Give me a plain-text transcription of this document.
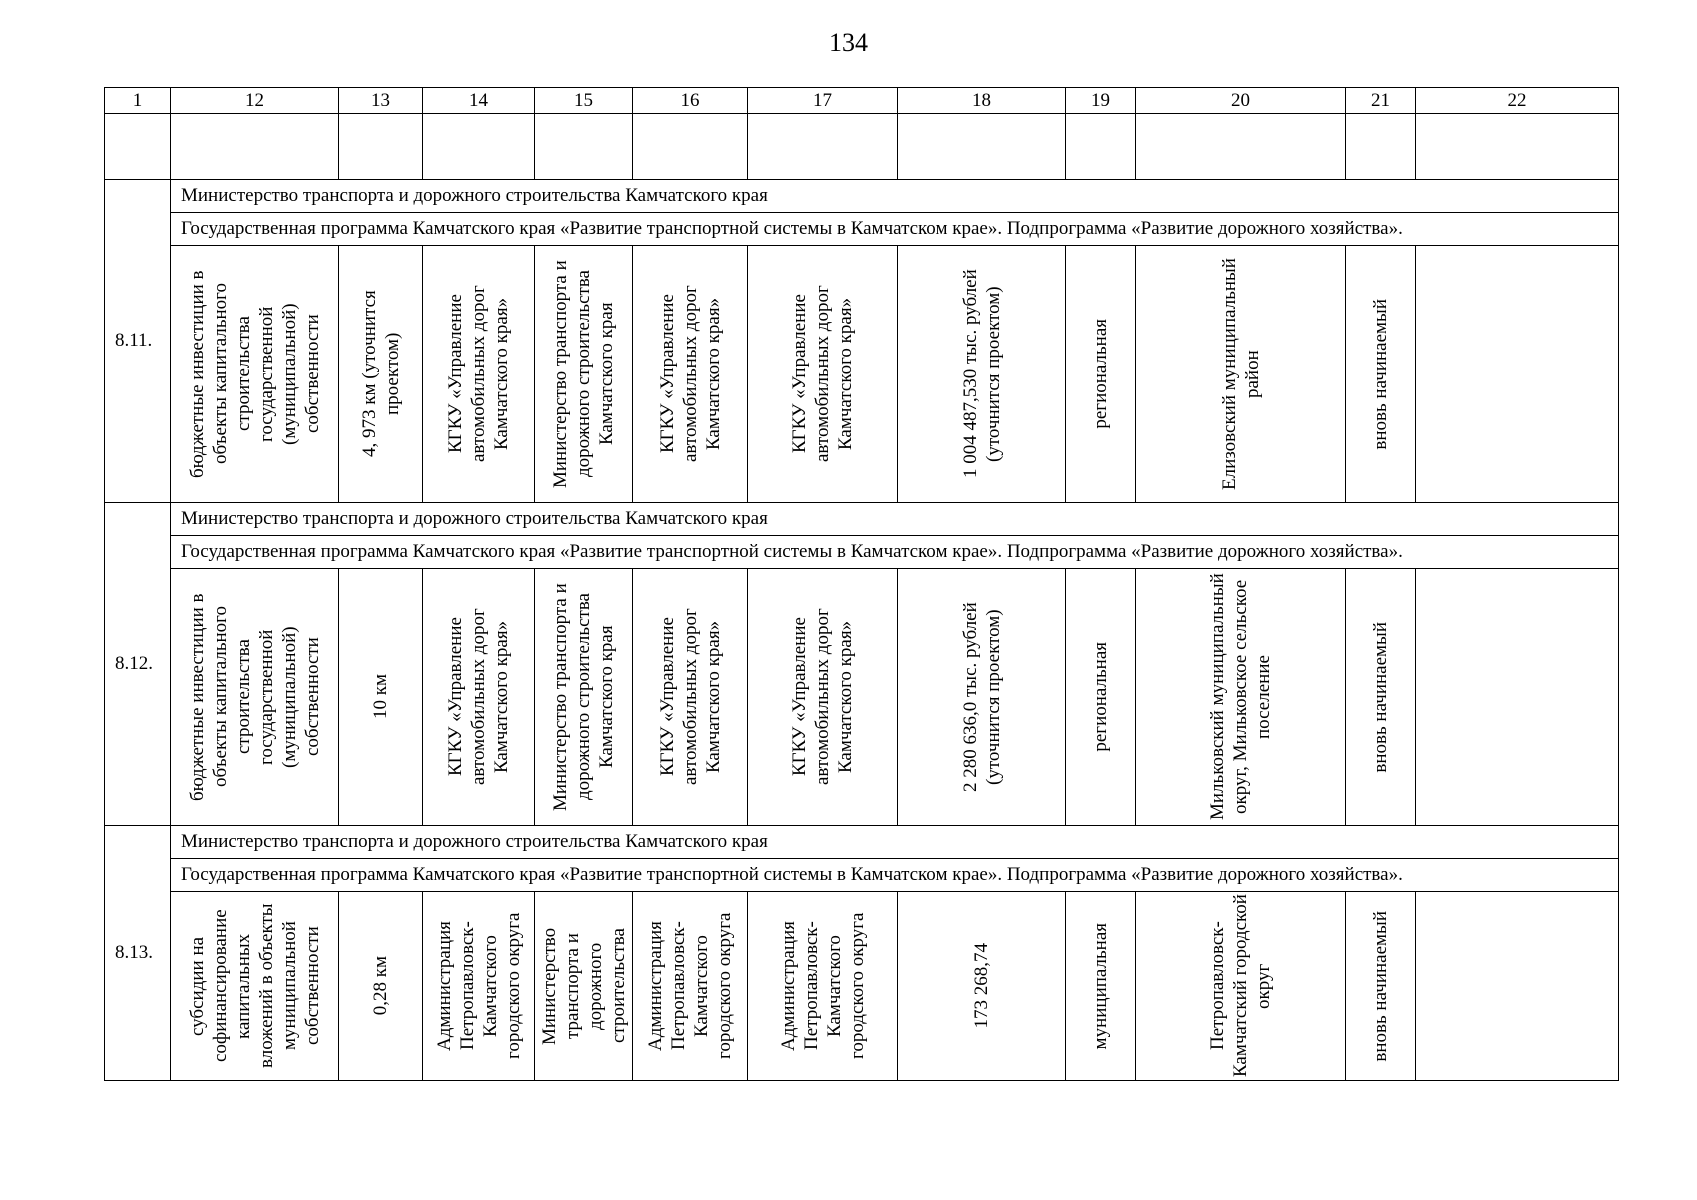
134
1	12	13	14	15	16	17	18	19	20	21	22

8.11.	Министерство транспорта и дорожного строительства Камчатского края										
	Государственная программа Камчатского края «Развитие транспортной системы в Камчатском крае». Подпрограмма «Развитие дорожного хозяйства».										

	бюджетные инвестиции в объекты капитального строительства государственной (муниципальной) собственности	4, 973 км (уточнится проектом)	КГКУ «Управление автомобильных дорог Камчатского края»	Министерство транспорта и дорожного строительства Камчатского края	КГКУ «Управление автомобильных дорог Камчатского края»	КГКУ «Управление автомобильных дорог Камчатского края»	1 004 487,530 тыс. рублей (уточнится проектом)	региональная	Елизовский муниципальный район	вновь начинаемый	

8.12.	Министерство транспорта и дорожного строительства Камчатского края										
	Государственная программа Камчатского края «Развитие транспортной системы в Камчатском крае». Подпрограмма «Развитие дорожного хозяйства».										

	бюджетные инвестиции в объекты капитального строительства государственной (муниципальной) собственности	10 км	КГКУ «Управление автомобильных дорог Камчатского края»	Министерство транспорта и дорожного строительства Камчатского края	КГКУ «Управление автомобильных дорог Камчатского края»	КГКУ «Управление автомобильных дорог Камчатского края»	2 280 636,0 тыс. рублей (уточнится проектом)	региональная	Мильковский муниципальный округ, Мильковское сельское поселение	вновь начинаемый	

8.13.	Министерство транспорта и дорожного строительства Камчатского края										
	Государственная программа Камчатского края «Развитие транспортной системы в Камчатском крае». Подпрограмма «Развитие дорожного хозяйства».										

	субсидии на софинансирование капитальных вложений в объекты муниципальной собственности	0,28 км	Администрация Петропавловск-Камчатского городского округа	Министерство транспорта и дорожного строительства	Администрация Петропавловск-Камчатского городского округа	Администрация Петропавловск-Камчатского городского округа	173 268,74	муниципальная	Петропавловск-Камчатский городской округ	вновь начинаемый	
